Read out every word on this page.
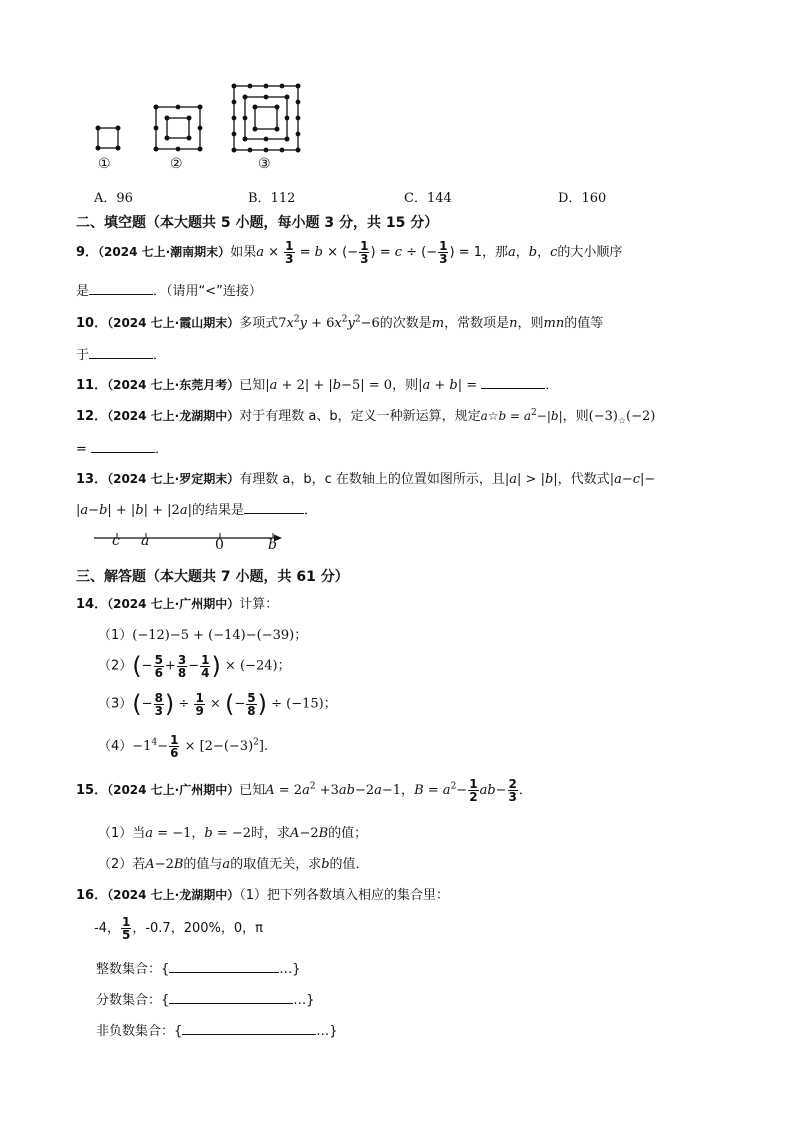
①	②	③
A．96	B．112	C．144	D．160
二、填空题（本大题共 5 小题，每小题 3 分，共 15 分）
9．（2024 七上·潮南期末）如果$a \times \frac{1}{3} = b$ × (− $\frac{1}{3}$ ) = c ÷ (− $\frac{1}{3}$ ) = 1，那a，b，c的大小顺序
是	．（请用“<”连接）
10．（2024 七上·霞山期末）多项式$7x^2y + 6x^2y^2-6$的次数是m，常数项是n，则mn的值等
于	．
11．（2024 七上·东莞月考）已知|a + 2| + |b−5| = 0，则|a + b| =	．
12．（2024 七上·龙湖期中）对于有理数 a、b，定义一种新运算，规定a☆b = $a^2-|b|$，则$(-3)_☆(-2)$
=	．
13．（2024 七上·罗定期末）有理数 a，b，c 在数轴上的位置如图所示，且|a| > |b|，代数式|a−c|−
|a−b| + |b| + |2a|的结果是	．
c a	0	b
三、解答题（本大题共 7 小题，共 61 分）
14．（2024 七上·广州期中）计算：
（1）(−12)−5 + (−14)−(−39)；
$(2)(- \frac{5}{6} + \frac{3}{8} - \frac{1}{4}$ ) × (−24)；
$(3)(- \frac{8}{3}$ ) ÷ $\frac{1}{9}$ × (− $\frac{5}{8}$ ) ÷ (−15)；
$(4)-1^4- \frac{1}{6} \times [2-(-3)^2]$.
15．（2024 七上·广州期中）已知$A = 2a^2 +3ab-2a-1$，$B = a^2- \frac{1}{2} ab- \frac{2}{3}$ ．
（1）当a = −1，b = −2时，求A−2B的值；
（2）若A−2B的值与a的取值无关，求b的值．
16．（2024 七上·龙湖期中）（1）把下列各数填入相应的集合里：
-4， $\frac{1}{5}$ ，-0.7，200%，0，π
整数集合：{	…}
分数集合：{	…}
非负数集合：{	…}
